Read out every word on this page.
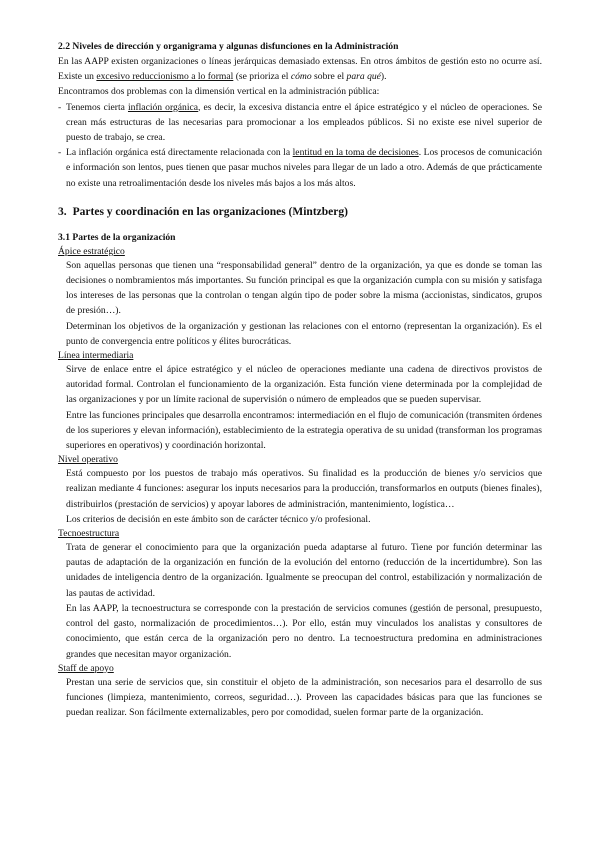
2.2 Niveles de dirección y organigrama y algunas disfunciones en la Administración

En las AAPP existen organizaciones o líneas jerárquicas demasiado extensas. En otros ámbitos de gestión esto no ocurre así. Existe un excesivo reduccionismo a lo formal (se prioriza el cómo sobre el para qué).

Encontramos dos problemas con la dimensión vertical en la administración pública:

- Tenemos cierta inflación orgánica, es decir, la excesiva distancia entre el ápice estratégico y el núcleo de operaciones. Se crean más estructuras de las necesarias para promocionar a los empleados públicos. Si no existe ese nivel superior de puesto de trabajo, se crea.
- La inflación orgánica está directamente relacionada con la lentitud en la toma de decisiones. Los procesos de comunicación e información son lentos, pues tienen que pasar muchos niveles para llegar de un lado a otro. Además de que prácticamente no existe una retroalimentación desde los niveles más bajos a los más altos.
3. Partes y coordinación en las organizaciones (Mintzberg)
3.1 Partes de la organización
Ápice estratégico

Son aquellas personas que tienen una “responsabilidad general” dentro de la organización, ya que es donde se toman las decisiones o nombramientos más importantes. Su función principal es que la organización cumpla con su misión y satisfaga los intereses de las personas que la controlan o tengan algún tipo de poder sobre la misma (accionistas, sindicatos, grupos de presión…).

Determinan los objetivos de la organización y gestionan las relaciones con el entorno (representan la organización). Es el punto de convergencia entre políticos y élites burocráticas.

Línea intermediaria

Sirve de enlace entre el ápice estratégico y el núcleo de operaciones mediante una cadena de directivos provistos de autoridad formal. Controlan el funcionamiento de la organización. Esta función viene determinada por la complejidad de las organizaciones y por un límite racional de supervisión o número de empleados que se pueden supervisar.

Entre las funciones principales que desarrolla encontramos: intermediación en el flujo de comunicación (transmiten órdenes de los superiores y elevan información), establecimiento de la estrategia operativa de su unidad (transforman los programas superiores en operativos) y coordinación horizontal.

Nivel operativo

Está compuesto por los puestos de trabajo más operativos. Su finalidad es la producción de bienes y/o servicios que realizan mediante 4 funciones: asegurar los inputs necesarios para la producción, transformarlos en outputs (bienes finales), distribuirlos (prestación de servicios) y apoyar labores de administración, mantenimiento, logística…

Los criterios de decisión en este ámbito son de carácter técnico y/o profesional.

Tecnoestructura

Trata de generar el conocimiento para que la organización pueda adaptarse al futuro. Tiene por función determinar las pautas de adaptación de la organización en función de la evolución del entorno (reducción de la incertidumbre). Son las unidades de inteligencia dentro de la organización. Igualmente se preocupan del control, estabilización y normalización de las pautas de actividad.

En las AAPP, la tecnoestructura se corresponde con la prestación de servicios comunes (gestión de personal, presupuesto, control del gasto, normalización de procedimientos…). Por ello, están muy vinculados los analistas y consultores de conocimiento, que están cerca de la organización pero no dentro. La tecnoestructura predomina en administraciones grandes que necesitan mayor organización.

Staff de apoyo

Prestan una serie de servicios que, sin constituir el objeto de la administración, son necesarios para el desarrollo de sus funciones (limpieza, mantenimiento, correos, seguridad…). Proveen las capacidades básicas para que las funciones se puedan realizar. Son fácilmente externalizables, pero por comodidad, suelen formar parte de la organización.
